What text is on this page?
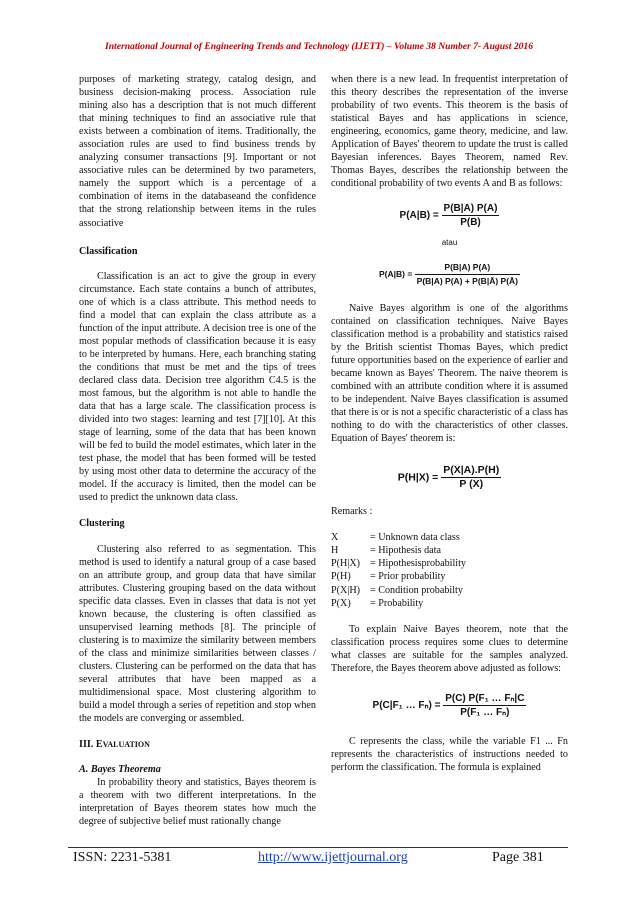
International Journal of Engineering Trends and Technology (IJETT) – Volume 38 Number 7- August 2016

purposes of marketing strategy, catalog design, and business decision-making process. Association rule mining also has a description that is not much different that mining techniques to find an associative rule that exists between a combination of items. Traditionally, the association rules are used to find business trends by analyzing consumer transactions [9]. Important or not associative rules can be determined by two parameters, namely the support which is a percentage of a combination of items in the databaseand the confidence that the strong relationship between items in the rules associative

Classification

Classification is an act to give the group in every circumstance. Each state contains a bunch of attributes, one of which is a class attribute. This method needs to find a model that can explain the class attribute as a function of the input attribute. A decision tree is one of the most popular methods of classification because it is easy to be interpreted by humans. Here, each branching stating the conditions that must be met and the tips of trees declared class data. Decision tree algorithm C4.5 is the most famous, but the algorithm is not able to handle the data that has a large scale. The classification process is divided into two stages: learning and test [7][10]. At this stage of learning, some of the data that has been known will be fed to build the model estimates, which later in the test phase, the model that has been formed will be tested by using most other data to determine the accuracy of the model. If the accuracy is limited, then the model can be used to predict the unknown data class.

Clustering

Clustering also referred to as segmentation. This method is used to identify a natural group of a case based on an attribute group, and group data that have similar attributes. Clustering grouping based on the data without specific data classes. Even in classes that data is not yet known because, the clustering is often classified as unsupervised learning methods [8]. The principle of clustering is to maximize the similarity between members of the class and minimize similarities between classes / clusters. Clustering can be performed on the data that has several attributes that have been mapped as a multidimensional space. Most clustering algorithm to build a model through a series of repetition and stop when the models are converging or assembled.

III. EVALUATION

A. Bayes Theorema

In probability theory and statistics, Bayes theorem is a theorem with two different interpretations. In the interpretation of Bayes theorem states how much the degree of subjective belief must rationally change

when there is a new lead. In frequentist interpretation of this theory describes the representation of the inverse probability of two events. This theorem is the basis of statistical Bayes and has applications in science, engineering, economics, game theory, medicine, and law. Application of Bayes' theorem to update the trust is called Bayesian inferences. Bayes Theorem, named Rev. Thomas Bayes, describes the relationship between the conditional probability of two events A and B as follows:

$P(A|B) = \frac{P(B|A) P(A)}{P(B)}$
atau
$P(A|B) = \frac{P(B|A) P(A)}{P(B|A) P(A) + P(B|Ā) P(Ā)}$

Naive Bayes algorithm is one of the algorithms contained on classification techniques. Naive Bayes classification method is a probability and statistics raised by the British scientist Thomas Bayes, which predict future opportunities based on the experience of earlier and became known as Bayes' Theorem. The naive theorem is combined with an attribute condition where it is assumed to be independent. Naive Bayes classification is assumed that there is or is not a specific characteristic of a class has nothing to do with the characteristics of other classes. Equation of Bayes' theorem is:

$P(H|X) = \frac{P(X|A).P(H)}{P (X)}$

Remarks :

X	= Unknown data class
H	= Hipothesis data
P(H|X) = Hipothesisprobability
P(H) = Prior probability
P(X|H) = Condition probabilty
P(X) = Probability

To explain Naive Bayes theorem, note that the classification process requires some clues to determine what classes are suitable for the samples analyzed. Therefore, the Bayes theorem above adjusted as follows:

P(C|F₁ … $F_n) = \frac{\text{P(C) P(F₁ … Fₙ|C}}{\text{P(F₁ … Fₙ)}}$

C represents the class, while the variable F1 ... Fn represents the characteristics of instructions needed to perform the classification. The formula is explained

ISSN: 2231-5381	http://www.ijettjournal.org	Page 381
